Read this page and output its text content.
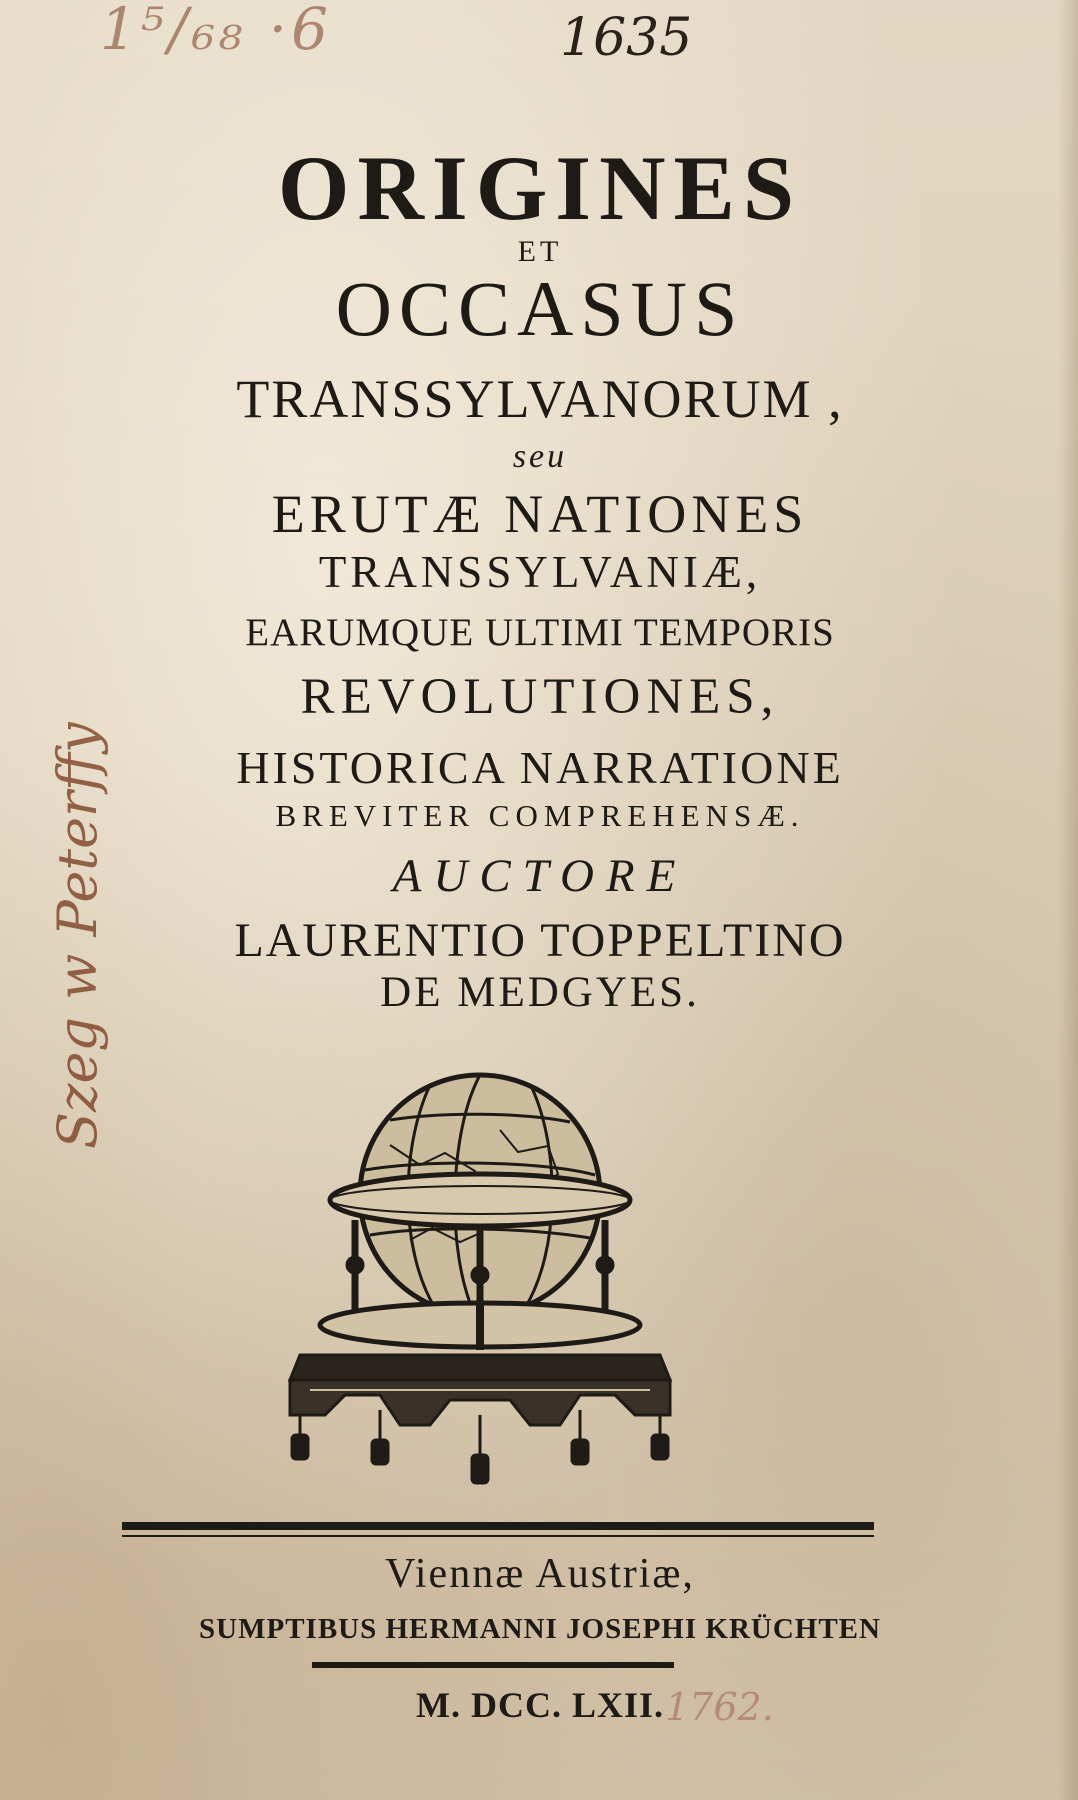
1⁵/₆₈ ·6	1635
Szeg w Peterffy
ORIGINES
ET
OCCASUS
TRANSSYLVANORUM ,
seu
ERUTÆ NATIONES
TRANSSYLVANIÆ,
EARUMQUE ULTIMI TEMPORIS
REVOLUTIONES,
HISTORICA NARRATIONE
BREVITER COMPREHENSÆ.
AUCTORE
LAURENTIO TOPPELTINO
DE MEDGYES.
Viennæ Austriæ,
SUMPTIBUS HERMANNI JOSEPHI KRÜCHTEN
M. DCC. LXII. 1762.
